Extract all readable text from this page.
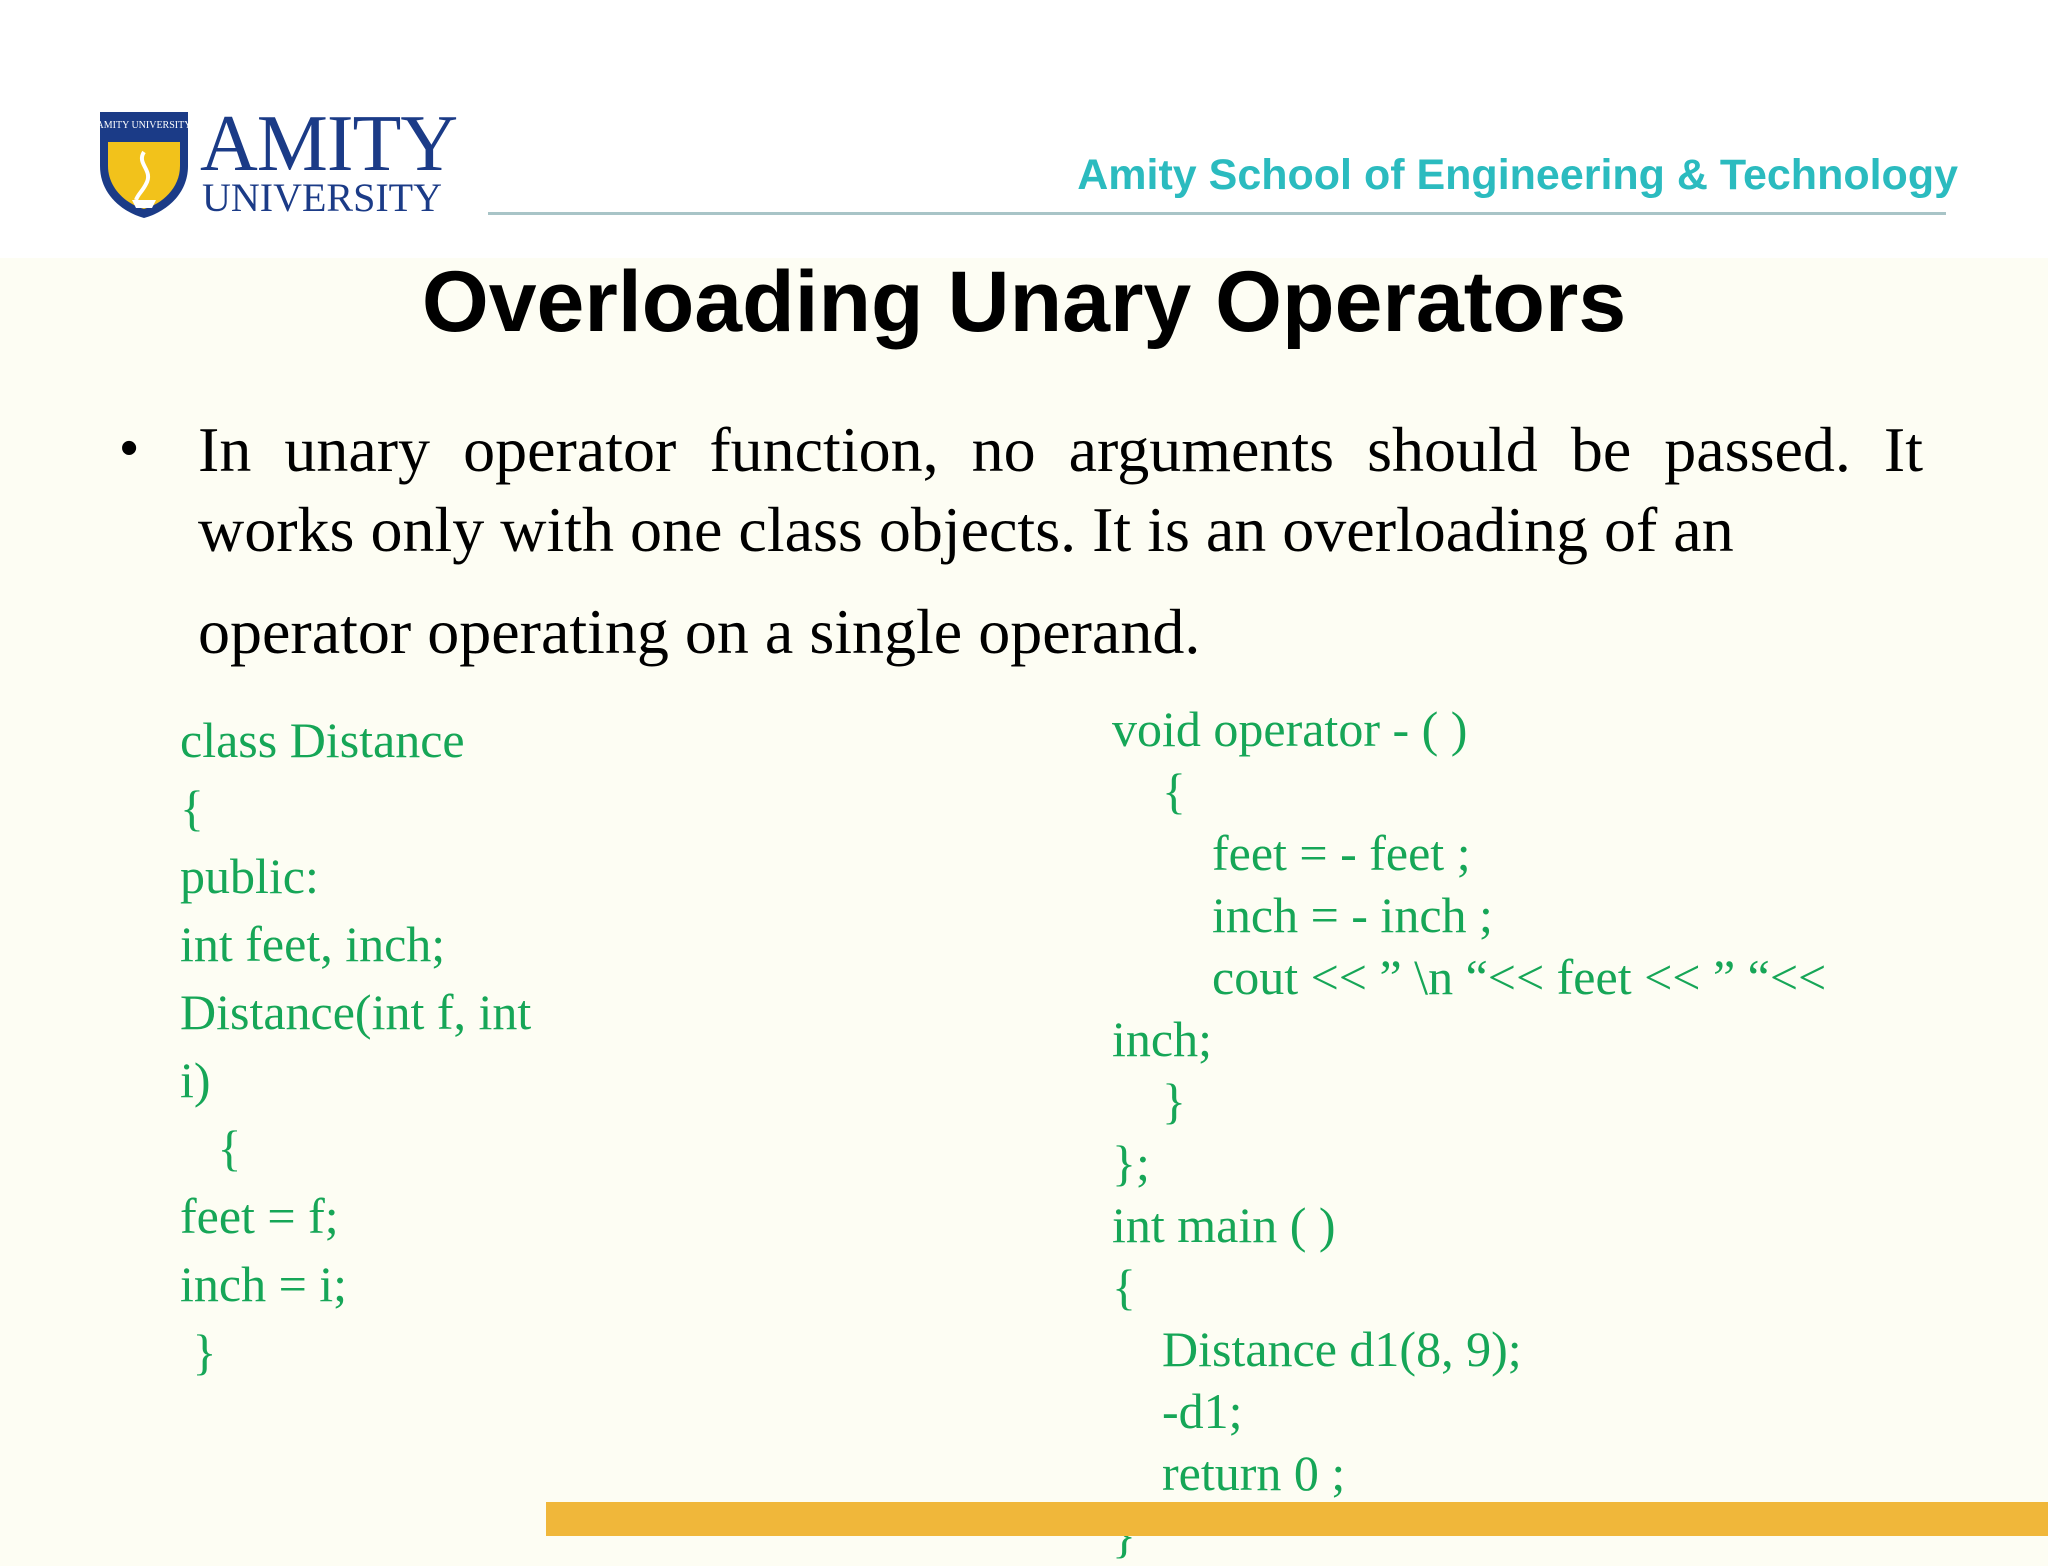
AMITY UNIVERSITY AMITY
UNIVERSITY	Amity School of Engineering & Technology
Overloading Unary Operators
• In unary operator function, no arguments should be passed. It works only with one class objects. It is an overloading of an
operator operating on a single operand.
class Distance
{
public:
int feet, inch;
Distance(int f, int
i)
{
feet = f;
inch = i;
}
void operator - ( )
{
feet = - feet ;
inch = - inch ;
cout << ” \n “<< feet << ” “<<
inch;
}
};
int main ( )
{
Distance d1(8, 9);
-d1;
return 0 ;
